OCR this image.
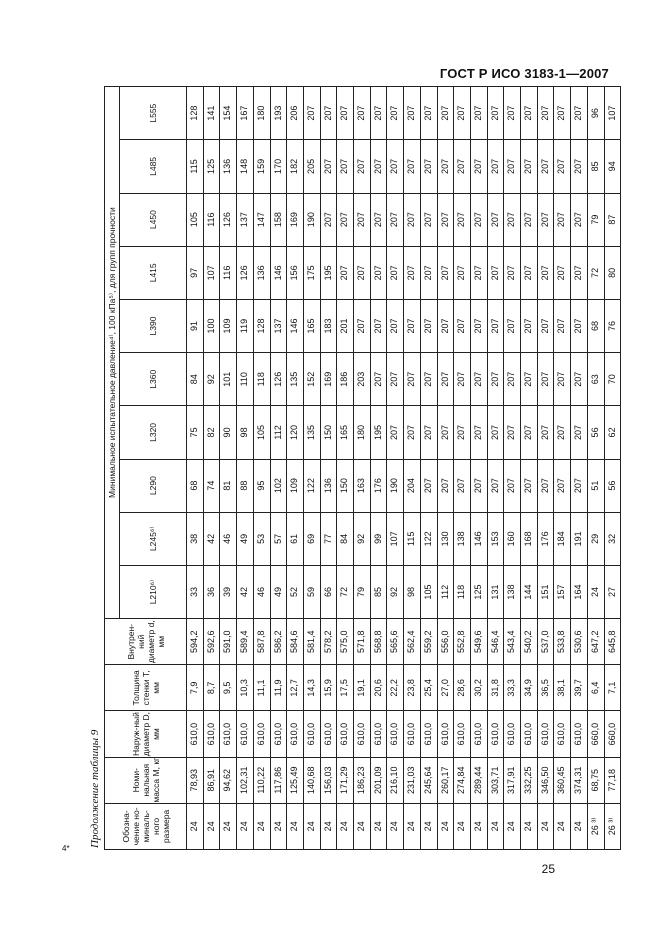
ГОСТ Р ИСО 3183-1—2007
Продолжение таблицы 9	Обозна-чение но-миналь-ного размера	Номи-нальная масса М, кг	Наруж-ный диаметр D, мм	Толщина стенки Т, мм	Внутрен-ний диаметр d, мм	Минимальное испытательное давление⁴⁾, 100 кПа⁵⁾, для групп прочности									
					L210⁶⁾	L245⁶⁾	L290	L320	L360	L390	L415	L450	L485	L555
24	78,93	610,0	7,9	594,2	33	38	68	75	84	91	97	105	115	128
24	86,91	610,0	8,7	592,6	36	42	74	82	92	100	107	116	125	141
24	94,62	610,0	9,5	591,0	39	46	81	90	101	109	116	126	136	154
24	102,31	610,0	10,3	589,4	42	49	88	98	110	119	126	137	148	167
24	110,22	610,0	11,1	587,8	46	53	95	105	118	128	136	147	159	180
24	117,86	610,0	11,9	586,2	49	57	102	112	126	137	146	158	170	193
24	125,49	610,0	12,7	584,6	52	61	109	120	135	146	156	169	182	206
24	140,68	610,0	14,3	581,4	59	69	122	135	152	165	175	190	205	207
24	156,03	610,0	15,9	578,2	66	77	136	150	169	183	195	207	207	207
24	171,29	610,0	17,5	575,0	72	84	150	165	186	201	207	207	207	207
24	186,23	610,0	19,1	571,8	79	92	163	180	203	207	207	207	207	207
24	201,09	610,0	20,6	568,8	85	99	176	195	207	207	207	207	207	207
24	216,10	610,0	22,2	565,6	92	107	190	207	207	207	207	207	207	207
24	231,03	610,0	23,8	562,4	98	115	204	207	207	207	207	207	207	207
24	245,64	610,0	25,4	559,2	105	122	207	207	207	207	207	207	207	207
24	260,17	610,0	27,0	556,0	112	130	207	207	207	207	207	207	207	207
24	274,84	610,0	28,6	552,8	118	138	207	207	207	207	207	207	207	207
24	289,44	610,0	30,2	549,6	125	146	207	207	207	207	207	207	207	207
24	303,71	610,0	31,8	546,4	131	153	207	207	207	207	207	207	207	207
24	317,91	610,0	33,3	543,4	138	160	207	207	207	207	207	207	207	207
24	332,25	610,0	34,9	540,2	144	168	207	207	207	207	207	207	207	207
24	346,50	610,0	36,5	537,0	151	176	207	207	207	207	207	207	207	207
24	360,45	610,0	38,1	533,8	157	184	207	207	207	207	207	207	207	207
24	374,31	610,0	39,7	530,6	164	191	207	207	207	207	207	207	207	207
26 ³⁾	68,75	660,0	6,4	647,2	24	29	51	56	63	68	72	79	85	96
26 ³⁾	77,18	660,0	7,1	645,8	27	32	56	62	70	76	80	87	94	107
4*
25
